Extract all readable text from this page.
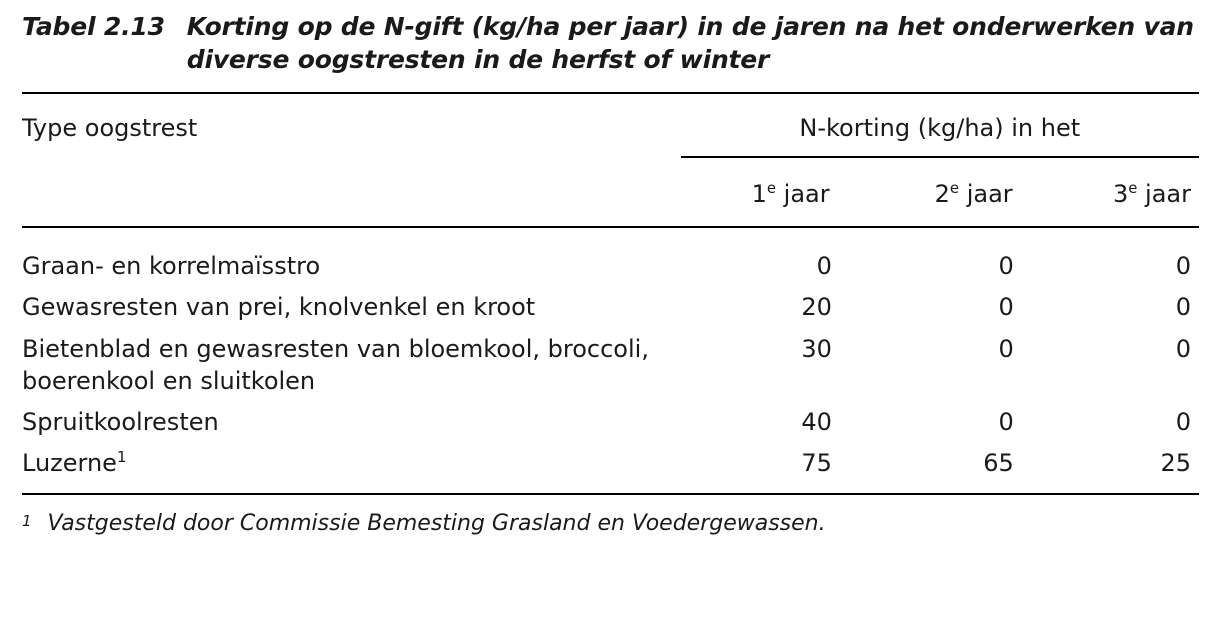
Tabel 2.13 Korting op de N-gift (kg/ha per jaar) in de jaren na het onderwerken van diverse oogstresten in de herfst of winter
Type oogstrest	N-korting (kg/ha) in het		

	1e jaar	2e jaar	3e jaar
Graan- en korrelmaïsstro	0	0	0
Gewasresten van prei, knolvenkel en kroot	20	0	0
Bietenblad en gewasresten van bloemkool, broccoli,	30	0	0
boerenkool en sluitkolen			
Spruitkoolresten	40	0	0
Luzerne$^1$	75	65	25
1 Vastgesteld door Commissie Bemesting Grasland en Voedergewassen.
